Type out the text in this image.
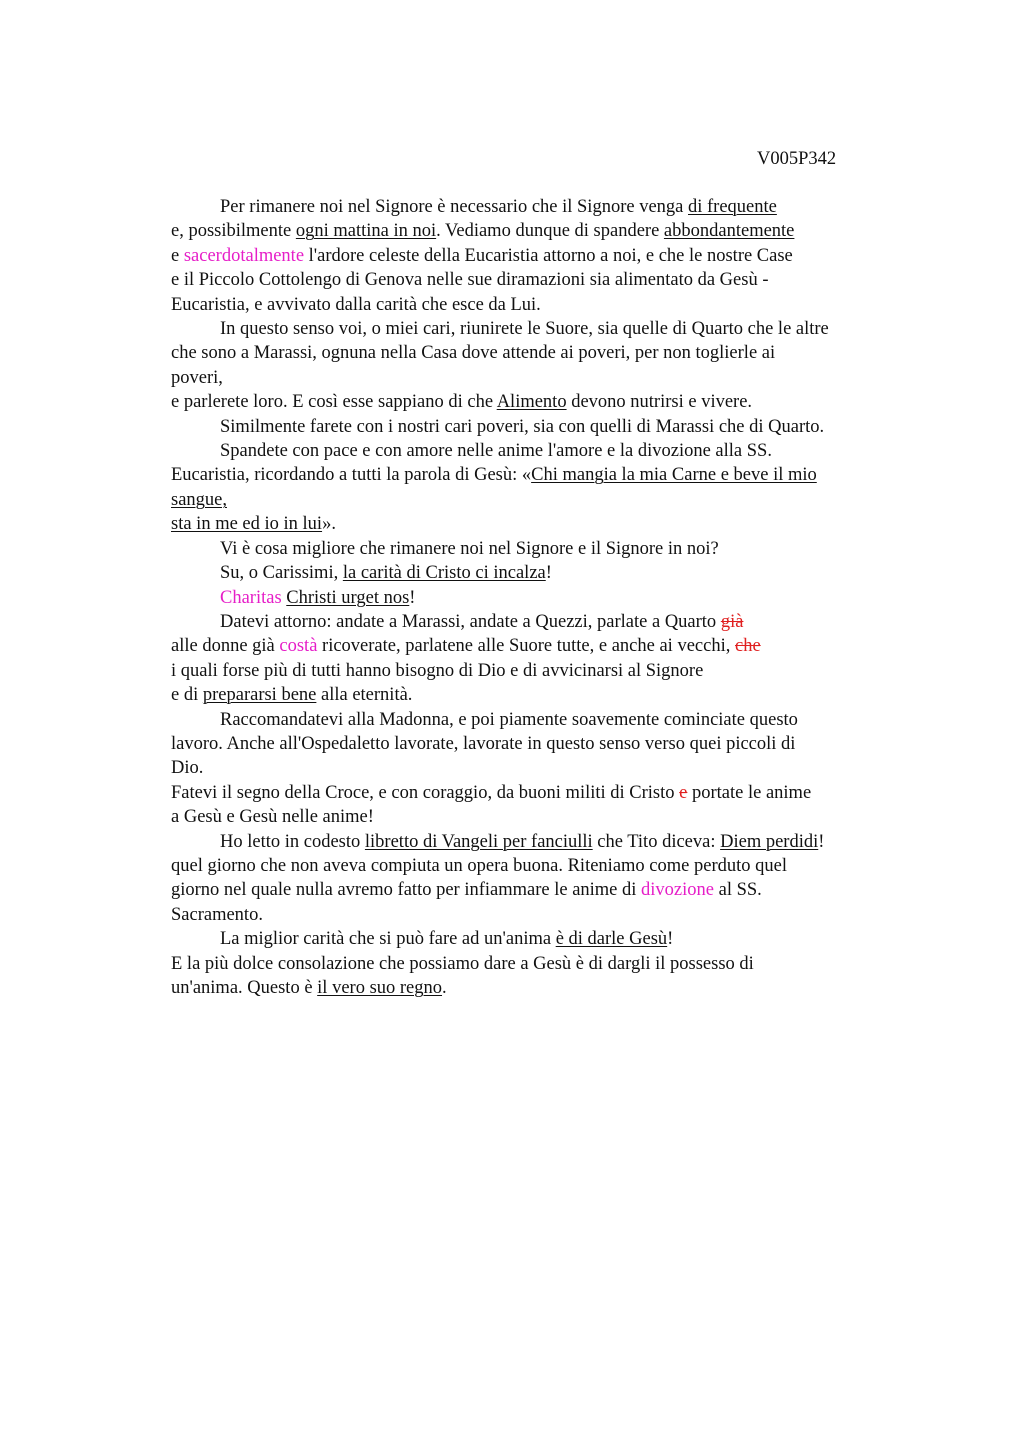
V005P342
Per rimanere noi nel Signore è necessario che il Signore venga di frequente
e, possibilmente ogni mattina in noi. Vediamo dunque di spandere abbondantemente
e sacerdotalmente l'ardore celeste della Eucaristia attorno a noi, e che le nostre Case
e il Piccolo Cottolengo di Genova nelle sue diramazioni sia alimentato da Gesù -
Eucaristia, e avvivato dalla carità che esce da Lui.
In questo senso voi, o miei cari, riunirete le Suore, sia quelle di Quarto che le altre
che sono a Marassi, ognuna nella Casa dove attende ai poveri, per non toglierle ai
poveri,
e parlerete loro. E così esse sappiano di che Alimento devono nutrirsi e vivere.
Similmente farete con i nostri cari poveri, sia con quelli di Marassi che di Quarto.
Spandete con pace e con amore nelle anime l'amore e la divozione alla SS.
Eucaristia, ricordando a tutti la parola di Gesù: «Chi mangia la mia Carne e beve il mio
sangue,
sta in me ed io in lui».
Vi è cosa migliore che rimanere noi nel Signore e il Signore in noi?
Su, o Carissimi, la carità di Cristo ci incalza!
Charitas Christi urget nos!
Datevi attorno: andate a Marassi, andate a Quezzi, parlate a Quarto già
alle donne già costà ricoverate, parlatene alle Suore tutte, e anche ai vecchi, che
i quali forse più di tutti hanno bisogno di Dio e di avvicinarsi al Signore
e di prepararsi bene alla eternità.
Raccomandatevi alla Madonna, e poi piamente soavemente cominciate questo
lavoro. Anche all'Ospedaletto lavorate, lavorate in questo senso verso quei piccoli di
Dio.
Fatevi il segno della Croce, e con coraggio, da buoni militi di Cristo e portate le anime
a Gesù e Gesù nelle anime!
Ho letto in codesto libretto di Vangeli per fanciulli che Tito diceva: Diem perdidi!
quel giorno che non aveva compiuta un opera buona. Riteniamo come perduto quel
giorno nel quale nulla avremo fatto per infiammare le anime di divozione al SS.
Sacramento.
La miglior carità che si può fare ad un'anima è di darle Gesù!
E la più dolce consolazione che possiamo dare a Gesù è di dargli il possesso di
un'anima. Questo è il vero suo regno.
